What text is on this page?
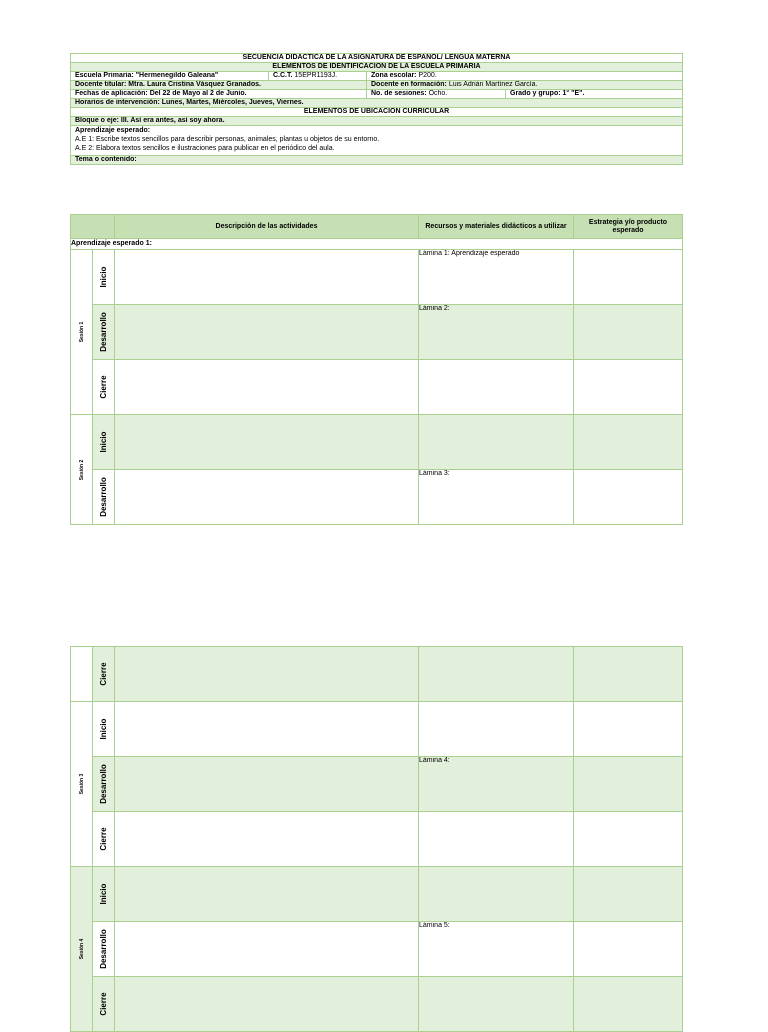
SECUENCIA DIDÁCTICA DE LA ASIGNATURA DE ESPAÑOL/ LENGUA MATERNA			
ELEMENTOS DE IDENTIFICACIÓN DE LA ESCUELA PRIMARIA			
Escuela Primaria: "Hermenegildo Galeana"	C.C.T. 15EPR1193J.	Zona escolar: P200.	
Docente titular: Mtra. Laura Cristina Vásquez Granados.		Docente en formación: Luis Adrián Martínez García.	
Fechas de aplicación: Del 22 de Mayo al 2 de Junio.		No. de sesiones: Ocho.	Grado y grupo: 1° "E".
Horarios de intervención: Lunes, Martes, Miércoles, Jueves, Viernes.			
ELEMENTOS DE UBICACIÓN CURRICULAR			
Bloque o eje: III. Así era antes, así soy ahora.			

Aprendizaje esperado:
A.E 1: Escribe textos sencillos para describir personas, animales, plantas u objetos de su entorno.
A.E 2: Elabora textos sencillos e ilustraciones para publicar en el periódico del aula.			

Tema o contenido:			
		Descripción de las actividades	Recursos y materiales didácticos a utilizar	Estrategia y/o producto esperado
Aprendizaje esperado 1:				

Sesión 1	Inicio		Lámina 1: Aprendizaje esperado	

	Desarrollo		Lámina 2:	

	Cierre			

Sesión 2	Inicio			

	Desarrollo		Lámina 3:	

	Cierre			

Sesión 3	Inicio			

	Desarrollo		Lámina 4:	

	Cierre			

Sesión 4	Inicio			

	Desarrollo		Lámina 5:	

	Cierre			
